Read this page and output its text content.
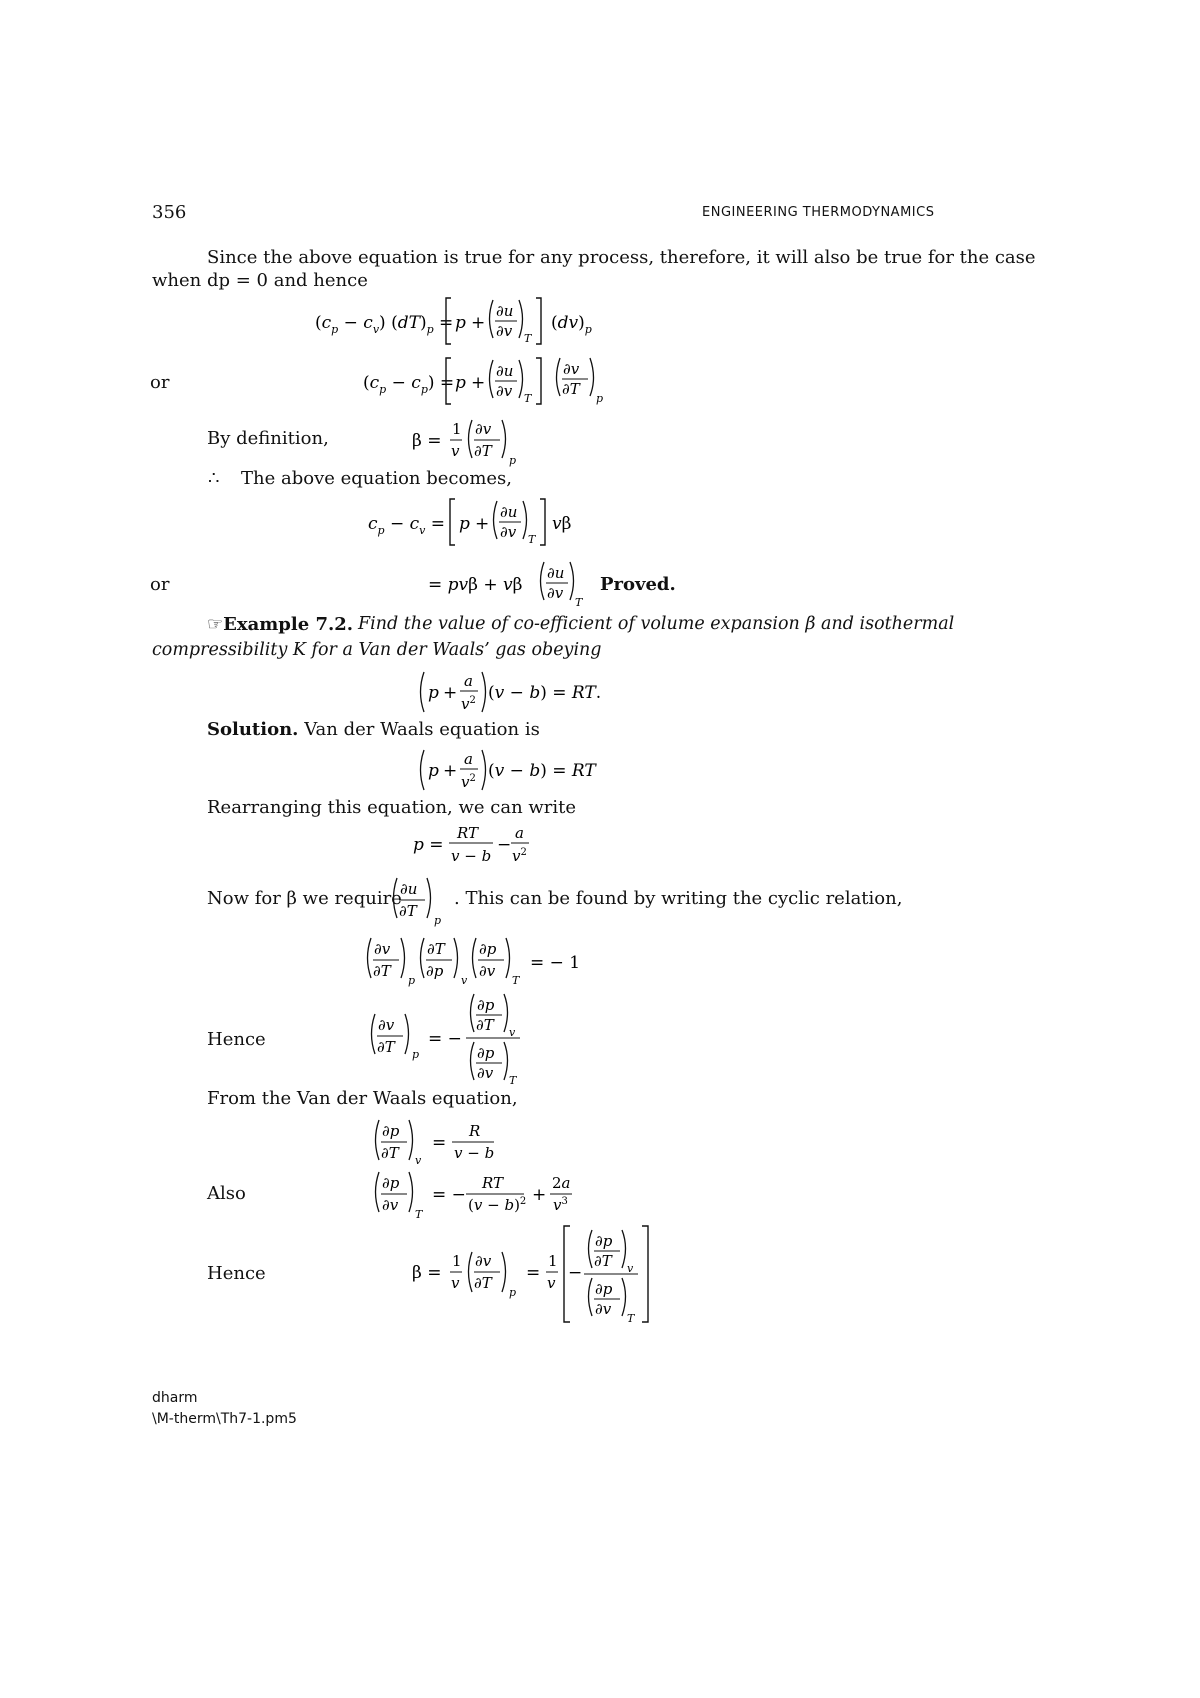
356	ENGINEERING THERMODYNAMICS
Since the above equation is true for any process, therefore, it will also be true for the case
when dp = 0 and hence
$(c_p - c_v) (dT)_p = p$ +
∂u
∂v T
$(dv)_p$
or	$(c_p - c_p) = p$ +
∂u
∂v T
∂v
∂T
p
By definition,	β =
1
v
∂v
∂T
p
∴ The above equation becomes,
$c_p - c_v = p$ +
∂u
∂v T
vβ
or	= pvβ + vβ
∂u
∂v
T
Proved.
☞Example 7.2. Find the value of co-efficient of volume expansion β and isothermal
compressibility K for a Van der Waals’ gas obeying
p +
a
$v^2$ (v − b) = RT.
Solution. Van der Waals equation is
p +
a
$v^2$ (v − b) = RT
Rearranging this equation, we can write
p =
RT
v − b
−
a
$v^2$
Now for β we require
∂u
∂T
p
. This can be found by writing the cyclic relation,
∂v
∂T
p
∂T
∂p
v
∂p
∂v
T
= − 1
Hence
∂v
∂T p
= −
∂p
∂T v
∂p
∂v T
From the Van der Waals equation,
∂p
∂T v
=
R
v − b
Also	∂p
∂v
T
= −
RT
$(v - b)^2$ +
2a
$v^3$
Hence	β =
1
v
∂v
∂T
p
=
1
v −
∂p
∂T v
∂p
∂v
T
dharm
\M-therm\Th7-1.pm5
